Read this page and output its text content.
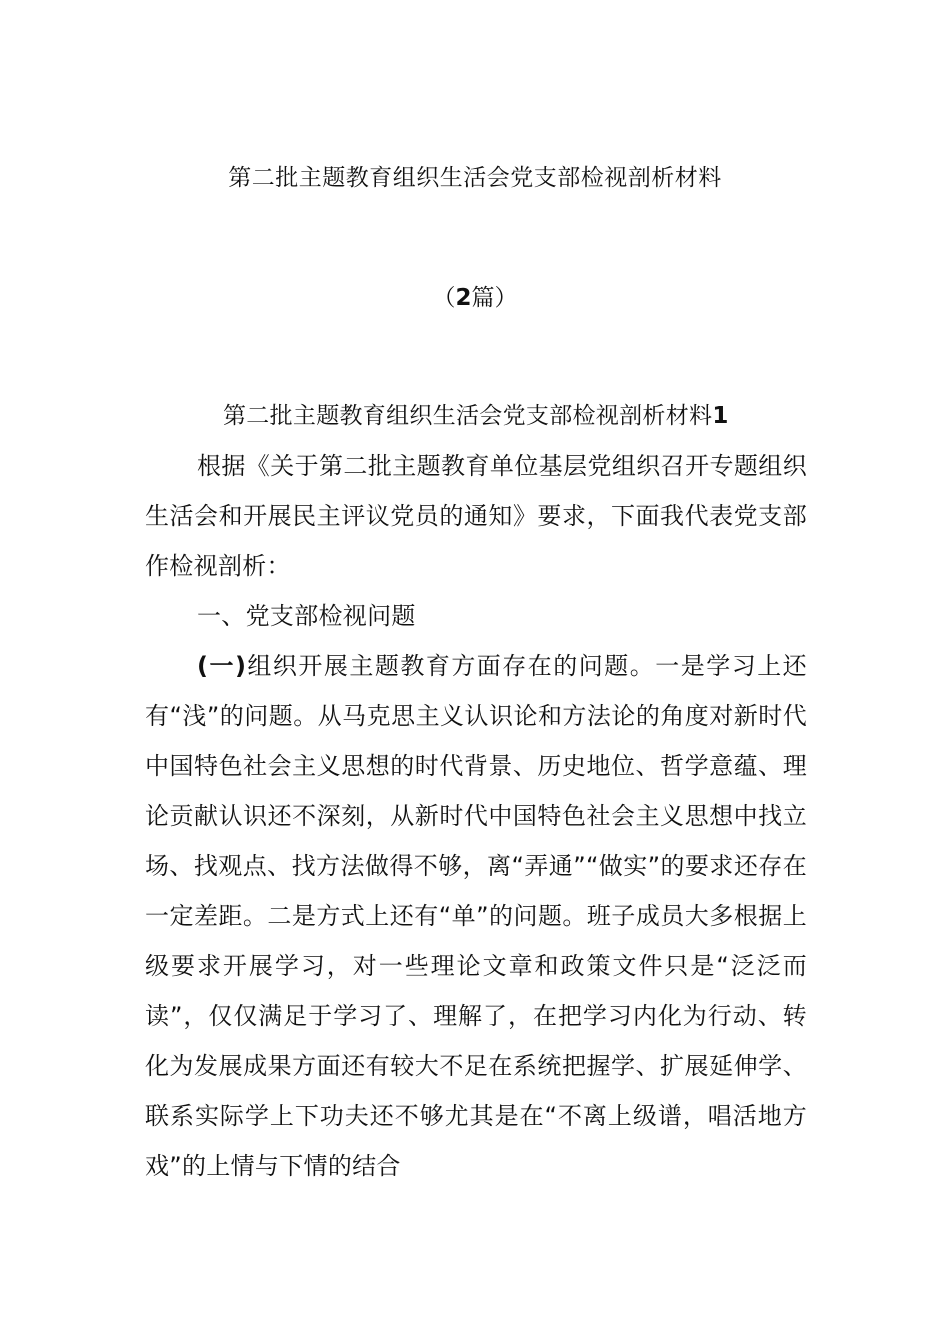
第二批主题教育组织生活会党支部检视剖析材料
（2篇）

第二批主题教育组织生活会党支部检视剖析材料1

根据《关于第二批主题教育单位基层党组织召开专题组织生活会和开展民主评议党员的通知》要求，下面我代表党支部作检视剖析：

一、党支部检视问题

(一)组织开展主题教育方面存在的问题。一是学习上还有“浅”的问题。从马克思主义认识论和方法论的角度对新时代中国特色社会主义思想的时代背景、历史地位、哲学意蕴、理论贡献认识还不深刻，从新时代中国特色社会主义思想中找立场、找观点、找方法做得不够，离“弄通”“做实”的要求还存在一定差距。二是方式上还有“单”的问题。班子成员大多根据上级要求开展学习，对一些理论文章和政策文件只是“泛泛而读”，仅仅满足于学习了、理解了，在把学习内化为行动、转化为发展成果方面还有较大不足在系统把握学、扩展延伸学、联系实际学上下功夫还不够尤其是在“不离上级谱，唱活地方戏”的上情与下情的结合
